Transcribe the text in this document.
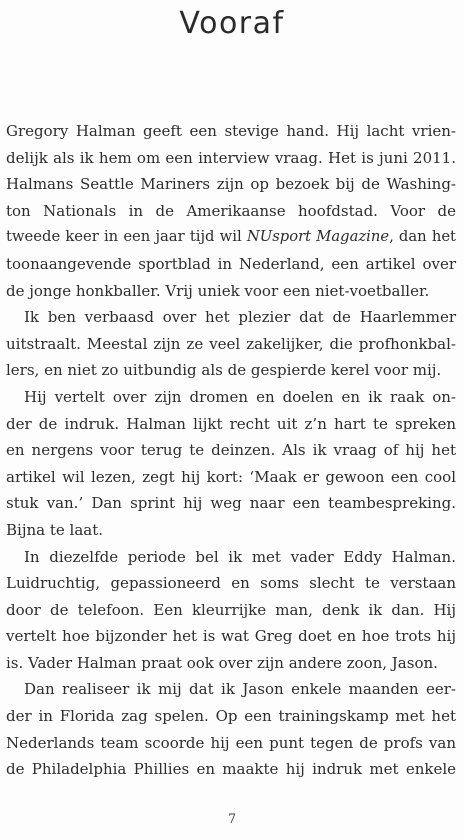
Vooraf
Gregory Halman geeft een stevige hand. Hij lacht vrien-
delijk als ik hem om een interview vraag. Het is juni 2011.
Halmans Seattle Mariners zijn op bezoek bij de Washing-
ton Nationals in de Amerikaanse hoofdstad. Voor de
tweede keer in een jaar tijd wil NUsport Magazine, dan het
toonaangevende sportblad in Nederland, een artikel over
de jonge honkballer. Vrij uniek voor een niet-voetballer.
Ik ben verbaasd over het plezier dat de Haarlemmer
uitstraalt. Meestal zijn ze veel zakelijker, die profhonkbal-
lers, en niet zo uitbundig als de gespierde kerel voor mij.
Hij vertelt over zijn dromen en doelen en ik raak on-
der de indruk. Halman lijkt recht uit z’n hart te spreken
en nergens voor terug te deinzen. Als ik vraag of hij het
artikel wil lezen, zegt hij kort: ‘Maak er gewoon een cool
stuk van.’ Dan sprint hij weg naar een teambespreking.
Bijna te laat.
In diezelfde periode bel ik met vader Eddy Halman.
Luidruchtig, gepassioneerd en soms slecht te verstaan
door de telefoon. Een kleurrijke man, denk ik dan. Hij
vertelt hoe bijzonder het is wat Greg doet en hoe trots hij
is. Vader Halman praat ook over zijn andere zoon, Jason.
Dan realiseer ik mij dat ik Jason enkele maanden eer-
der in Florida zag spelen. Op een trainingskamp met het
Nederlands team scoorde hij een punt tegen de profs van
de Philadelphia Phillies en maakte hij indruk met enkele
7
